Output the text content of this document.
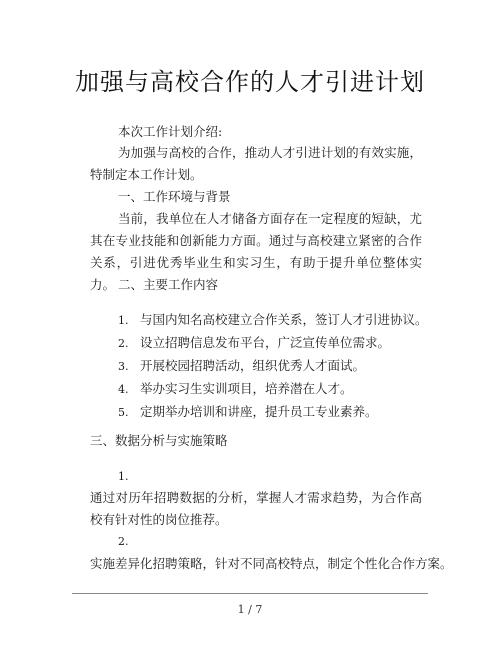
加强与高校合作的人才引进计划
本次工作计划介绍:
为加强与高校的合作，推动人才引进计划的有效实施，特制定本工作计划。
一、工作环境与背景
当前，我单位在人才储备方面存在一定程度的短缺，尤其在专业技能和创新能力方面。通过与高校建立紧密的合作关系，引进优秀毕业生和实习生，有助于提升单位整体实力。 二、主要工作内容
1. 与国内知名高校建立合作关系，签订人才引进协议。
2. 设立招聘信息发布平台，广泛宣传单位需求。
3. 开展校园招聘活动，组织优秀人才面试。
4. 举办实习生实训项目，培养潜在人才。
5. 定期举办培训和讲座，提升员工专业素养。
三、数据分析与实施策略
1.
通过对历年招聘数据的分析，掌握人才需求趋势，为合作高校有针对性的岗位推荐。
2.
实施差异化招聘策略，针对不同高校特点，制定个性化合作方案。
1 / 7
